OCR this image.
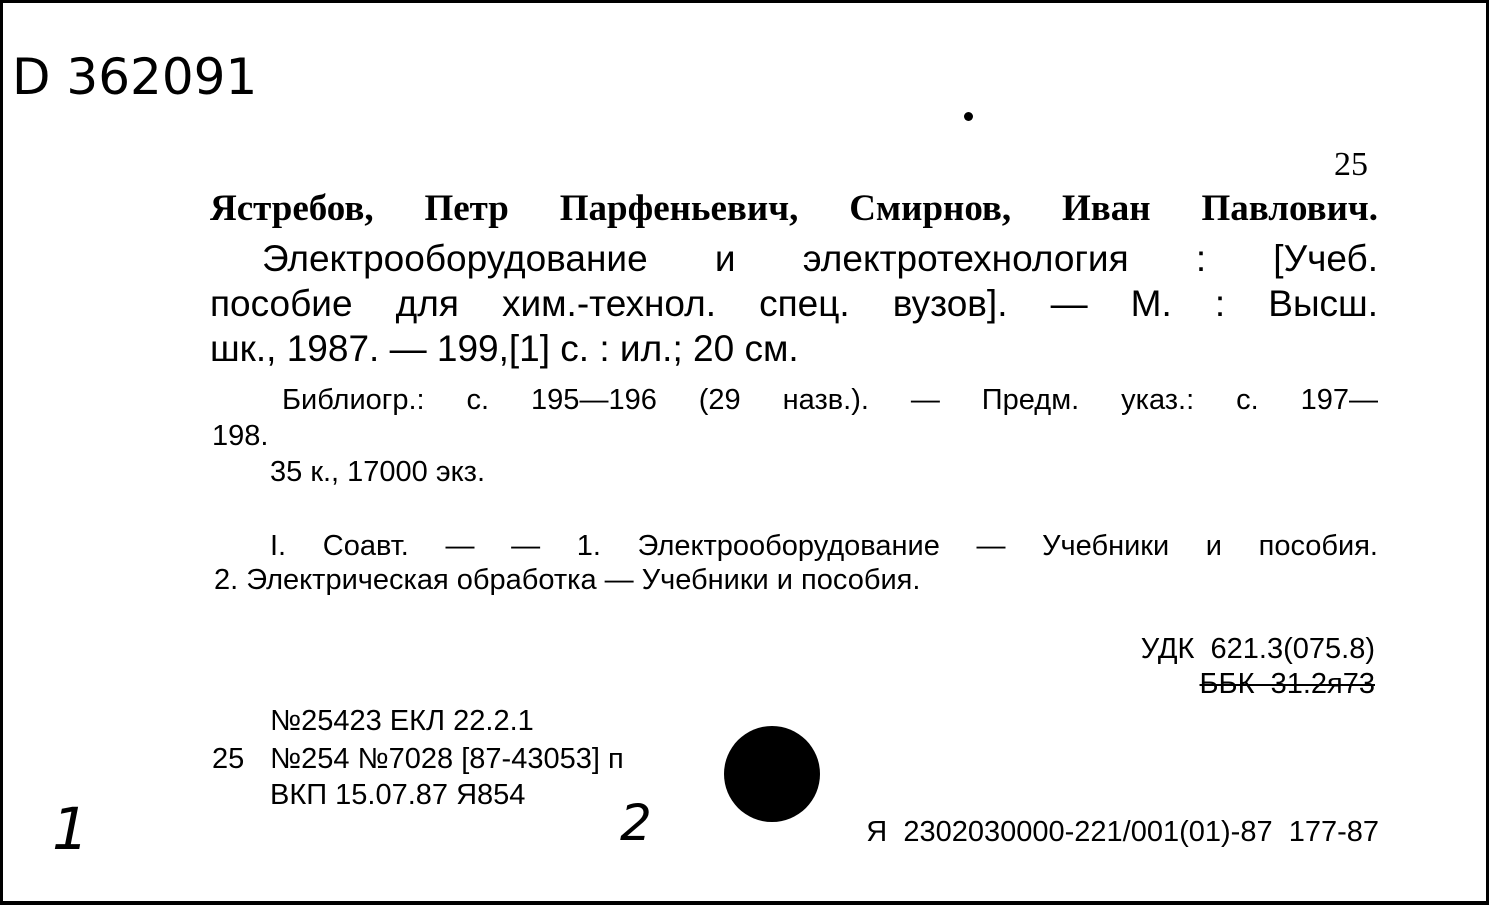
D 362091
25
Ястребов, Петр Парфеньевич, Смирнов, Иван Павлович.
Электрооборудование и электротехнология : [Учеб.
пособие для хим.-технол. спец. вузов]. — М. : Высш.
шк., 1987. — 199,[1] с. : ил.; 20 см.
Библиогр.: с. 195—196 (29 назв.). — Предм. указ.: с. 197—
198.
35 к., 17000 экз.
I. Соавт. — — 1. Электрооборудование — Учебники и пособия.
2. Электрическая обработка — Учебники и пособия.
УДК  621.3(075.8)
ББК  31.2я73
25
№25423 ЕКЛ 22.2.1
№254 №7028 [87-43053] п
ВКП 15.07.87 Я854
Я  2302030000-221/001(01)-87  177-87
1	2
